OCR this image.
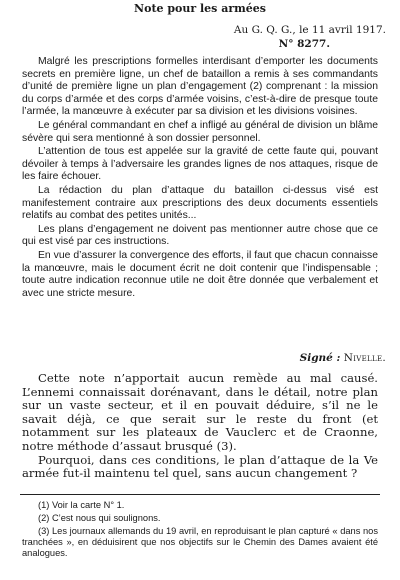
Note pour les armées
Au G. Q. G., le 11 avril 1917.
N° 8277.

Malgré les prescriptions formelles interdisant d’emporter les documents secrets en première ligne, un chef de bataillon a remis à ses commandants d’unité de première ligne un plan d’engagement (2) comprenant : la mission du corps d’armée et des corps d’armée voisins, c’est-à-dire de presque toute l’armée, la manœuvre à exécuter par sa division et les divisions voisines.

Le général commandant en chef a infligé au général de division un blâme sévère qui sera mentionné à son dossier personnel.

L’attention de tous est appelée sur la gravité de cette faute qui, pouvant dévoiler à temps à l’adversaire les grandes lignes de nos attaques, risque de les faire échouer.

La rédaction du plan d’attaque du bataillon ci-dessus visé est manifestement contraire aux prescriptions des deux documents essentiels relatifs au combat des petites unités...

Les plans d’engagement ne doivent pas mentionner autre chose que ce qui est visé par ces instructions.

En vue d’assurer la convergence des efforts, il faut que chacun connaisse la manœuvre, mais le document écrit ne doit contenir que l’indispensable ; toute autre indication reconnue utile ne doit être donnée que verbalement et avec une stricte mesure.

Signé : Nivelle.

Cette note n’apportait aucun remède au mal causé. L’ennemi connaissait dorénavant, dans le détail, notre plan sur un vaste secteur, et il en pouvait déduire, s’il ne le savait déjà, ce que serait sur le reste du front (et notamment sur les plateaux de Vauclerc et de Craonne, notre méthode d’assaut brusqué (3).

Pourquoi, dans ces conditions, le plan d’attaque de la Ve armée fut-il maintenu tel quel, sans aucun changement ?

(1) Voir la carte N° 1.

(2) C’est nous qui soulignons.

(3) Les journaux allemands du 19 avril, en reproduisant le plan capturé « dans nos tranchées », en déduisirent que nos objectifs sur le Chemin des Dames avaient été analogues.
